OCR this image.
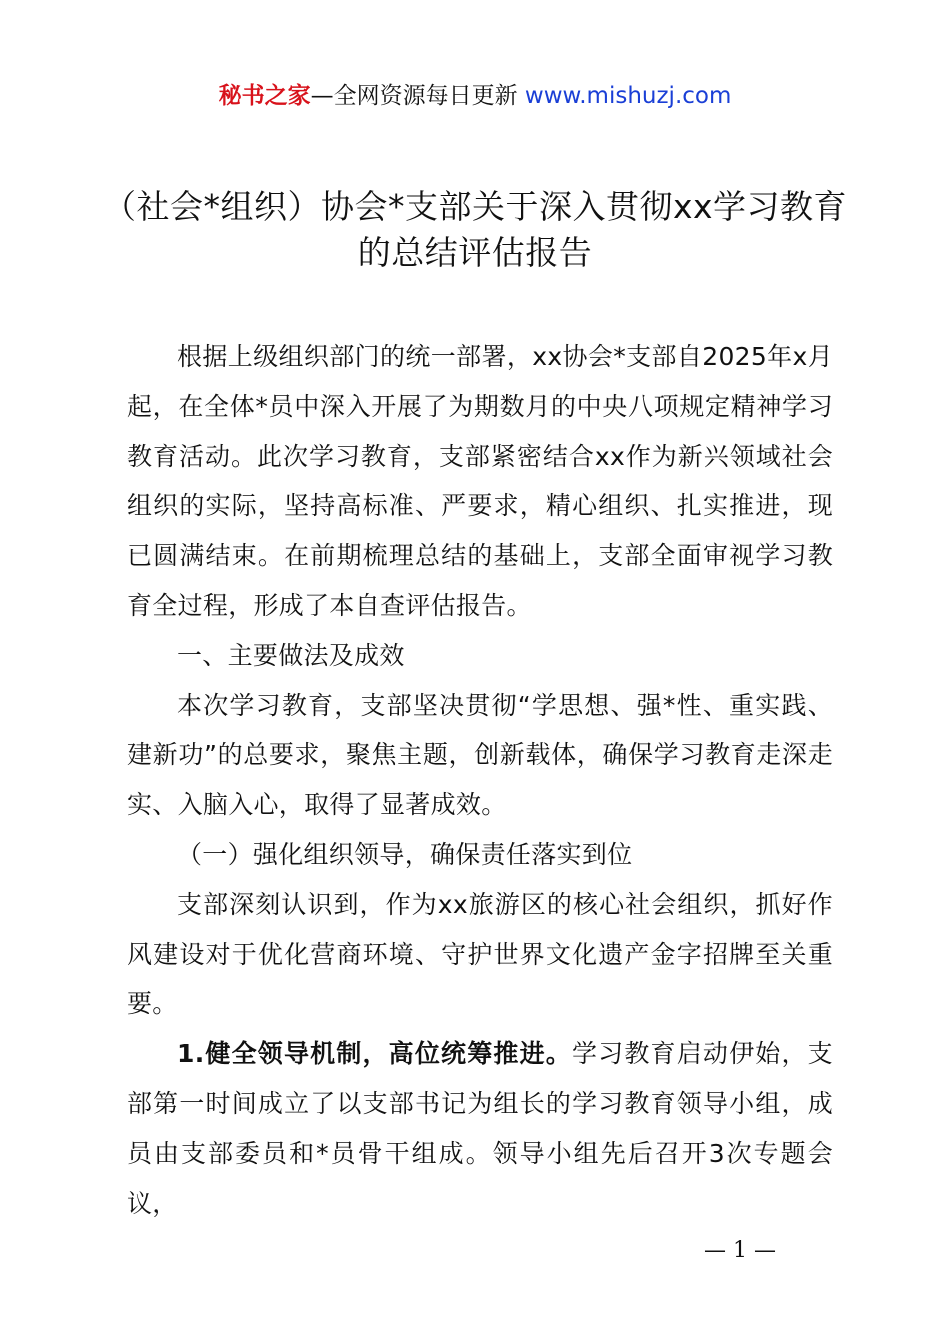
秘书之家—全网资源每日更新 www.mishuzj.com
（社会*组织）协会*支部关于深入贯彻xx学习教育的总结评估报告

根据上级组织部门的统一部署，xx协会*支部自2025年x月起，在全体*员中深入开展了为期数月的中央八项规定精神学习教育活动。此次学习教育，支部紧密结合xx作为新兴领域社会组织的实际，坚持高标准、严要求，精心组织、扎实推进，现已圆满结束。在前期梳理总结的基础上，支部全面审视学习教育全过程，形成了本自查评估报告。

一、主要做法及成效

本次学习教育，支部坚决贯彻“学思想、强*性、重实践、建新功”的总要求，聚焦主题，创新载体，确保学习教育走深走实、入脑入心，取得了显著成效。

（一）强化组织领导，确保责任落实到位

支部深刻认识到，作为xx旅游区的核心社会组织，抓好作风建设对于优化营商环境、守护世界文化遗产金字招牌至关重要。

1.健全领导机制，高位统筹推进。学习教育启动伊始，支部第一时间成立了以支部书记为组长的学习教育领导小组，成员由支部委员和*员骨干组成。领导小组先后召开3次专题会议，

— 1 —
